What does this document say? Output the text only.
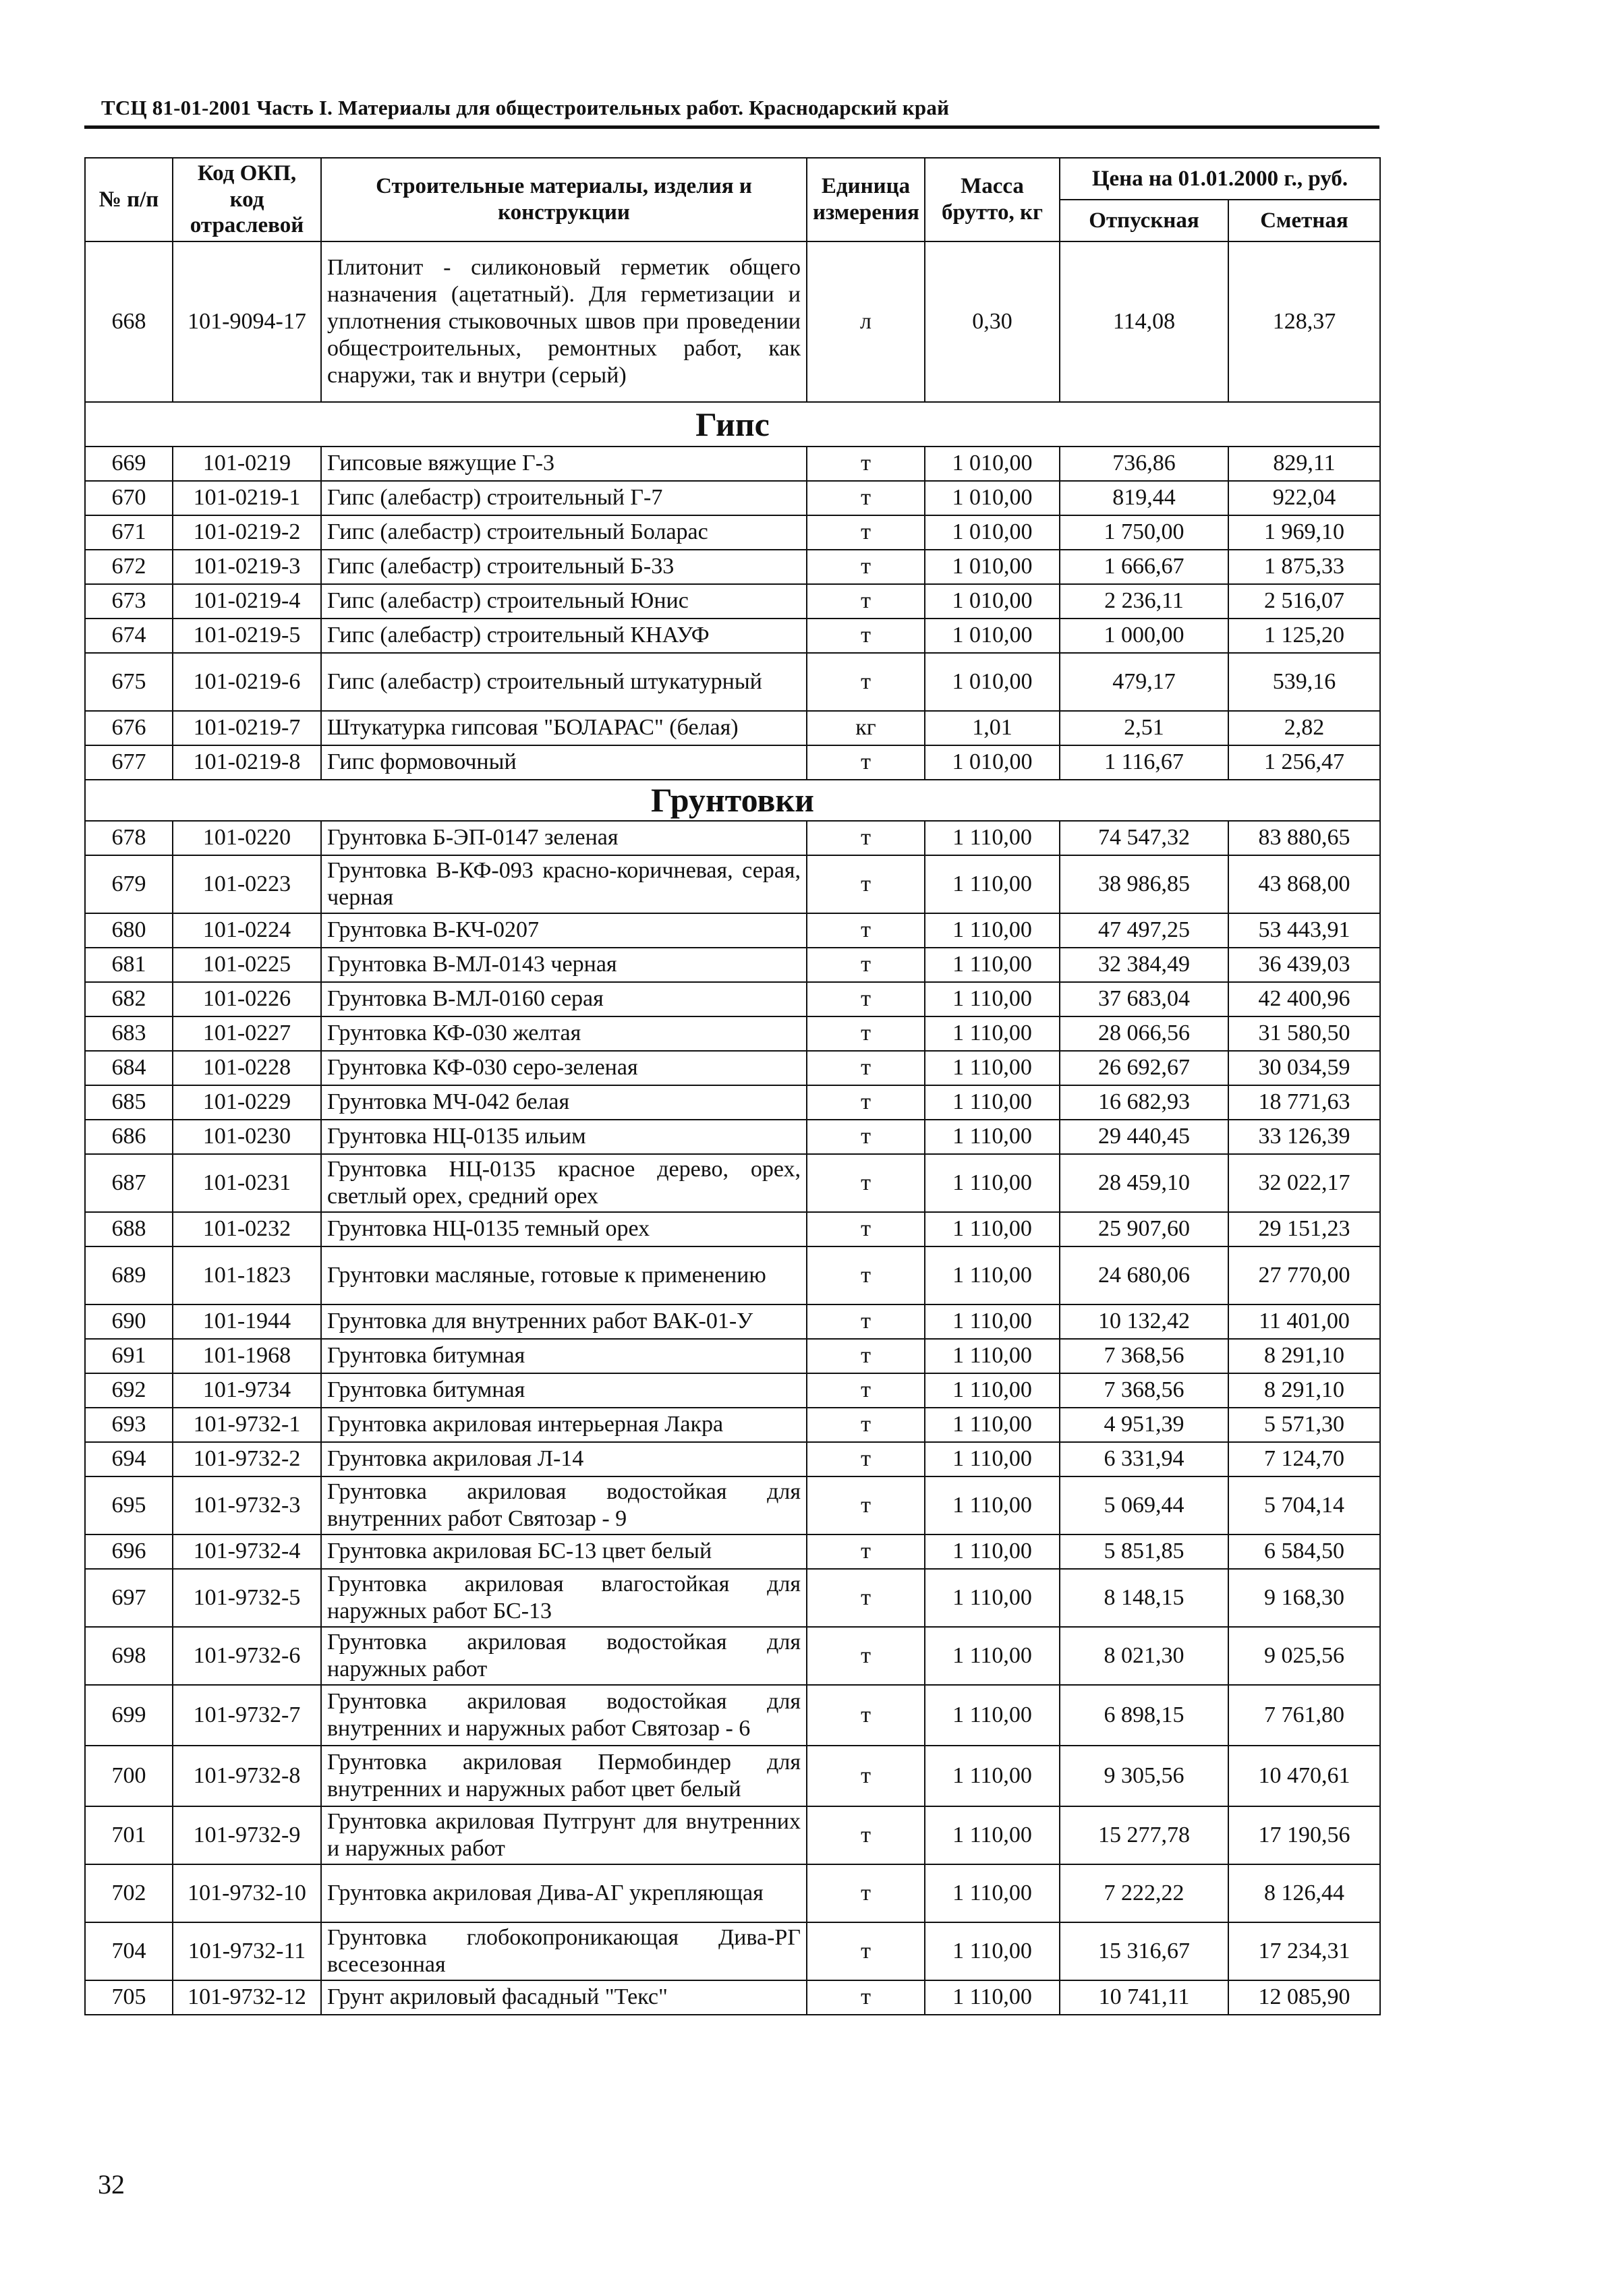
ТСЦ 81-01-2001 Часть I. Материалы для общестроительных работ. Краснодарский край
№ п/п	Код ОКП, код отраслевой	Строительные материалы, изделия и конструкции	Единица измерения	Масса брутто, кг	Цена на 01.01.2000 г., руб.	
					Отпускная	Сметная
668	101-9094-17	Плитонит - силиконовый герметик общего назначения (ацетатный). Для герметизации и уплотнения стыковочных швов при проведении общестроительных, ремонтных работ, как снаружи, так и внутри (серый)	л	0,30	114,08	128,37
Гипс						
669	101-0219	Гипсовые вяжущие Г-3	т	1 010,00	736,86	829,11
670	101-0219-1	Гипс (алебастр) строительный Г-7	т	1 010,00	819,44	922,04
671	101-0219-2	Гипс (алебастр) строительный Боларас	т	1 010,00	1 750,00	1 969,10
672	101-0219-3	Гипс (алебастр) строительный Б-33	т	1 010,00	1 666,67	1 875,33
673	101-0219-4	Гипс (алебастр) строительный Юнис	т	1 010,00	2 236,11	2 516,07
674	101-0219-5	Гипс (алебастр) строительный КНАУФ	т	1 010,00	1 000,00	1 125,20
675	101-0219-6	Гипс (алебастр) строительный штукатурный	т	1 010,00	479,17	539,16
676	101-0219-7	Штукатурка гипсовая "БОЛАРАС" (белая)	кг	1,01	2,51	2,82
677	101-0219-8	Гипс формовочный	т	1 010,00	1 116,67	1 256,47
Грунтовки						
678	101-0220	Грунтовка Б-ЭП-0147 зеленая	т	1 110,00	74 547,32	83 880,65
679	101-0223	Грунтовка В-КФ-093 красно-коричневая, серая, черная	т	1 110,00	38 986,85	43 868,00
680	101-0224	Грунтовка В-КЧ-0207	т	1 110,00	47 497,25	53 443,91
681	101-0225	Грунтовка В-МЛ-0143 черная	т	1 110,00	32 384,49	36 439,03
682	101-0226	Грунтовка В-МЛ-0160 серая	т	1 110,00	37 683,04	42 400,96
683	101-0227	Грунтовка КФ-030 желтая	т	1 110,00	28 066,56	31 580,50
684	101-0228	Грунтовка КФ-030 серо-зеленая	т	1 110,00	26 692,67	30 034,59
685	101-0229	Грунтовка МЧ-042 белая	т	1 110,00	16 682,93	18 771,63
686	101-0230	Грунтовка НЦ-0135 ильим	т	1 110,00	29 440,45	33 126,39
687	101-0231	Грунтовка НЦ-0135 красное дерево, орех, светлый орех, средний орех	т	1 110,00	28 459,10	32 022,17
688	101-0232	Грунтовка НЦ-0135 темный орех	т	1 110,00	25 907,60	29 151,23
689	101-1823	Грунтовки масляные, готовые к применению	т	1 110,00	24 680,06	27 770,00
690	101-1944	Грунтовка для внутренних работ ВАК-01-У	т	1 110,00	10 132,42	11 401,00
691	101-1968	Грунтовка битумная	т	1 110,00	7 368,56	8 291,10
692	101-9734	Грунтовка битумная	т	1 110,00	7 368,56	8 291,10
693	101-9732-1	Грунтовка акриловая интерьерная Лакра	т	1 110,00	4 951,39	5 571,30
694	101-9732-2	Грунтовка акриловая Л-14	т	1 110,00	6 331,94	7 124,70
695	101-9732-3	Грунтовка акриловая водостойкая для внутренних работ Святозар - 9	т	1 110,00	5 069,44	5 704,14
696	101-9732-4	Грунтовка акриловая БС-13 цвет белый	т	1 110,00	5 851,85	6 584,50
697	101-9732-5	Грунтовка акриловая влагостойкая для наружных работ БС-13	т	1 110,00	8 148,15	9 168,30
698	101-9732-6	Грунтовка акриловая водостойкая для наружных работ	т	1 110,00	8 021,30	9 025,56
699	101-9732-7	Грунтовка акриловая водостойкая для внутренних и наружных работ Святозар - 6	т	1 110,00	6 898,15	7 761,80
700	101-9732-8	Грунтовка акриловая Пермобиндер для внутренних и наружных работ цвет белый	т	1 110,00	9 305,56	10 470,61
701	101-9732-9	Грунтовка акриловая Путгрунт для внутренних и наружных работ	т	1 110,00	15 277,78	17 190,56
702	101-9732-10	Грунтовка акриловая Дива-АГ укрепляющая	т	1 110,00	7 222,22	8 126,44
704	101-9732-11	Грунтовка глобокопроникающая Дива-РГ всесезонная	т	1 110,00	15 316,67	17 234,31
705	101-9732-12	Грунт акриловый фасадный "Текс"	т	1 110,00	10 741,11	12 085,90
32
